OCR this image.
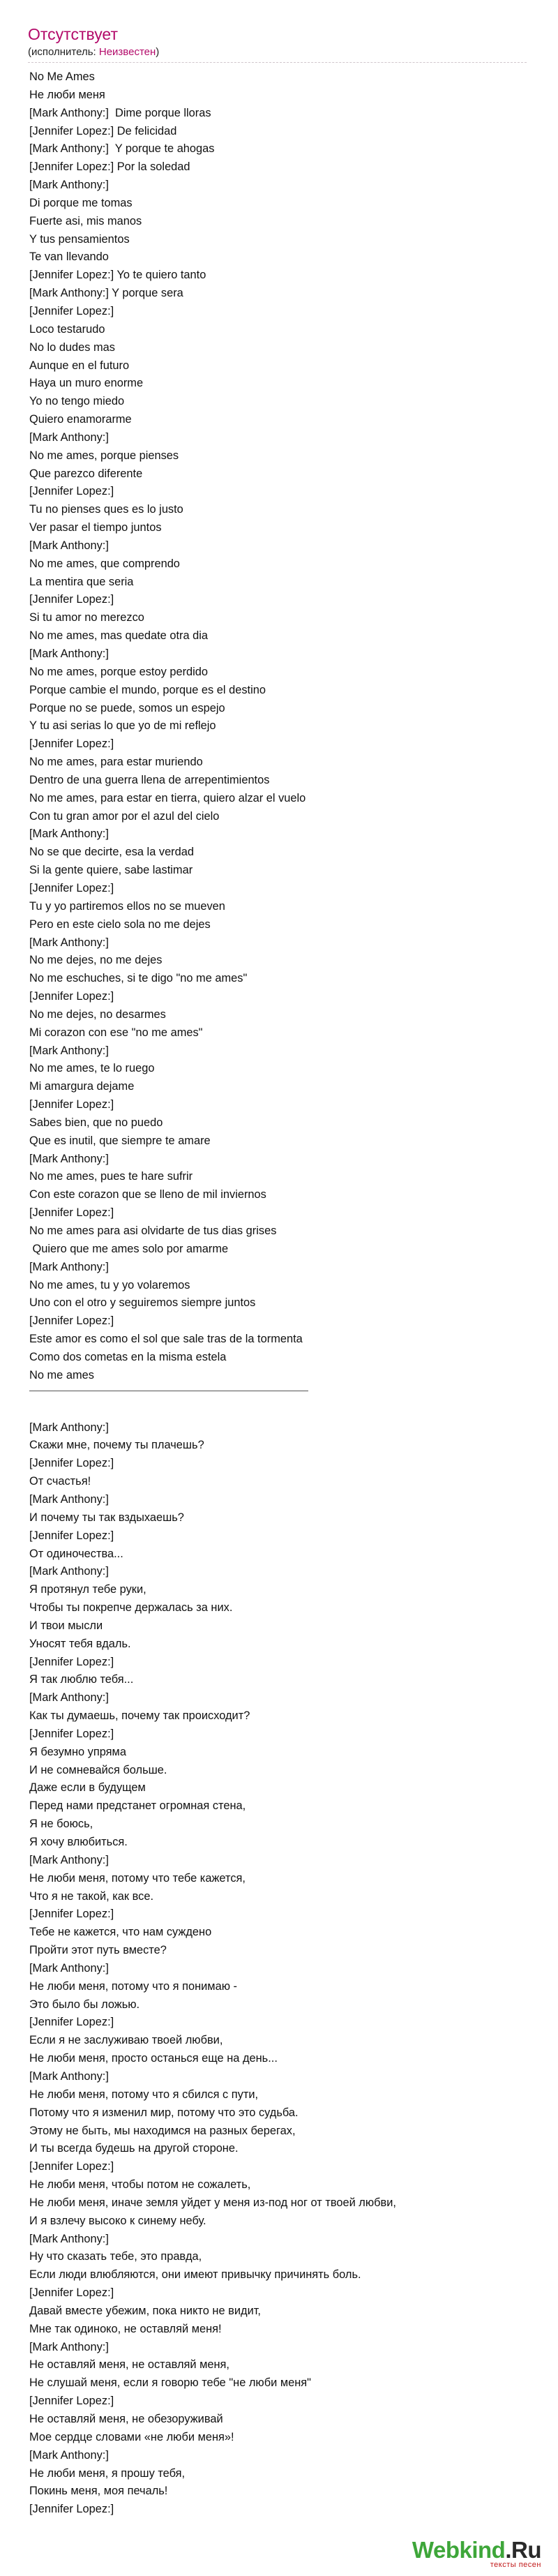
Отсутствует
(исполнитель: Неизвестен)
No Me Ames
Не люби меня
[Mark Anthony:]  Dime porque lloras
[Jennifer Lopez:] De felicidad
[Mark Anthony:]  Y porque te ahogas
[Jennifer Lopez:] Por la soledad
[Mark Anthony:]
Di porque me tomas
Fuerte asi, mis manos
Y tus pensamientos
Te van llevando
[Jennifer Lopez:] Yo te quiero tanto
[Mark Anthony:] Y porque sera
[Jennifer Lopez:]
Loco testarudo
No lo dudes mas
Aunque en el futuro
Haya un muro enorme
Yo no tengo miedo
Quiero enamorarme
[Mark Anthony:]
No me ames, porque pienses
Que parezco diferente
[Jennifer Lopez:]
Tu no pienses ques es lo justo
Ver pasar el tiempo juntos
[Mark Anthony:]
No me ames, que comprendo
La mentira que seria
[Jennifer Lopez:]
Si tu amor no merezco
No me ames, mas quedate otra dia
[Mark Anthony:]
No me ames, porque estoy perdido
Porque cambie el mundo, porque es el destino
Porque no se puede, somos un espejo
Y tu asi serias lo que yo de mi reflejo
[Jennifer Lopez:]
No me ames, para estar muriendo
Dentro de una guerra llena de arrepentimientos
No me ames, para estar en tierra, quiero alzar el vuelo
Con tu gran amor por el azul del cielo
[Mark Anthony:]
No se que decirte, esa la verdad
Si la gente quiere, sabe lastimar
[Jennifer Lopez:]
Tu y yo partiremos ellos no se mueven
Pero en este cielo sola no me dejes
[Mark Anthony:]
No me dejes, no me dejes
No me eschuches, si te digo "no me ames"
[Jennifer Lopez:]
No me dejes, no desarmes
Mi corazon con ese "no me ames"
[Mark Anthony:]
No me ames, te lo ruego
Mi amargura dejame
[Jennifer Lopez:]
Sabes bien, que no puedo
Que es inutil, que siempre te amare
[Mark Anthony:]
No me ames, pues te hare sufrir
Con este corazon que se lleno de mil inviernos
[Jennifer Lopez:]
No me ames para asi olvidarte de tus dias grises
Quiero que me ames solo por amarme
[Mark Anthony:]
No me ames, tu y yo volaremos
Uno con el otro y seguiremos siempre juntos
[Jennifer Lopez:]
Este amor es como el sol que sale tras de la tormenta
Como dos cometas en la misma estela
No me ames
[Mark Anthony:]
Скажи мне, почему ты плачешь?
[Jennifer Lopez:]
От счастья!
[Mark Anthony:]
И почему ты так вздыхаешь?
[Jennifer Lopez:]
От одиночества...
[Mark Anthony:]
Я протянул тебе руки,
Чтобы ты покрепче держалась за них.
И твои мысли
Уносят тебя вдаль.
[Jennifer Lopez:]
Я так люблю тебя...
[Mark Anthony:]
Как ты думаешь, почему так происходит?
[Jennifer Lopez:]
Я безумно упряма
И не сомневайся больше.
Даже если в будущем
Перед нами предстанет огромная стена,
Я не боюсь,
Я хочу влюбиться.
[Mark Anthony:]
Не люби меня, потому что тебе кажется,
Что я не такой, как все.
[Jennifer Lopez:]
Тебе не кажется, что нам суждено
Пройти этот путь вместе?
[Mark Anthony:]
Не люби меня, потому что я понимаю -
Это было бы ложью.
[Jennifer Lopez:]
Если я не заслуживаю твоей любви,
Не люби меня, просто останься еще на день...
[Mark Anthony:]
Не люби меня, потому что я сбился с пути,
Потому что я изменил мир, потому что это судьба.
Этому не быть, мы находимся на разных берегах,
И ты всегда будешь на другой стороне.
[Jennifer Lopez:]
Не люби меня, чтобы потом не сожалеть,
Не люби меня, иначе земля уйдет у меня из-под ног от твоей любви,
И я взлечу высоко к синему небу.
[Mark Anthony:]
Ну что сказать тебе, это правда,
Если люди влюбляются, они имеют привычку причинять боль.
[Jennifer Lopez:]
Давай вместе убежим, пока никто не видит,
Мне так одиноко, не оставляй меня!
[Mark Anthony:]
Не оставляй меня, не оставляй меня,
Не слушай меня, если я говорю тебе "не люби меня"
[Jennifer Lopez:]
Не оставляй меня, не обезоруживай
Мое сердце словами «не люби меня»!
[Mark Anthony:]
Не люби меня, я прошу тебя,
Покинь меня, моя печаль!
[Jennifer Lopez:]
Webkind.Ru
тексты песен
